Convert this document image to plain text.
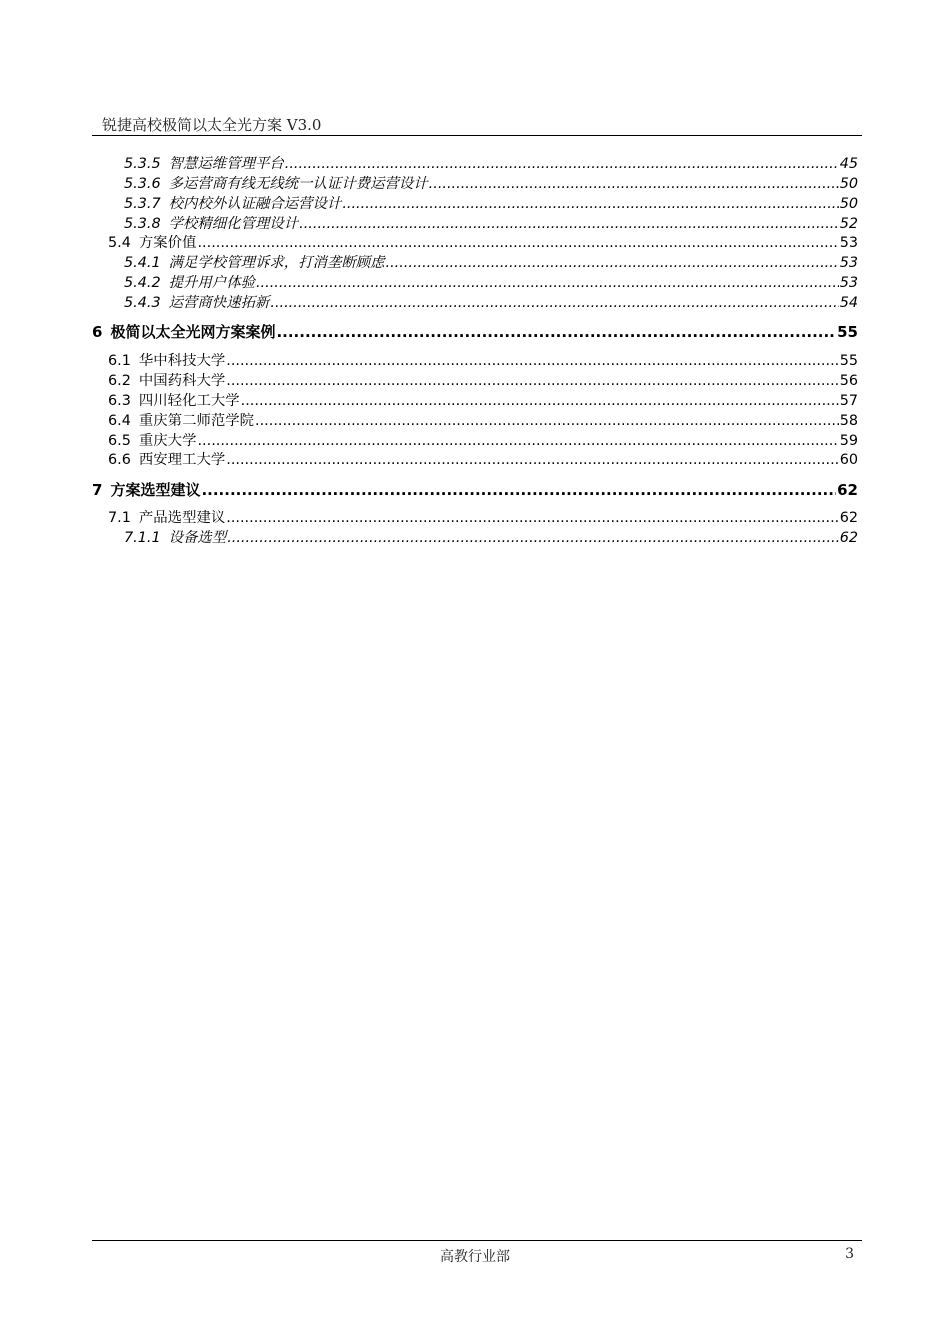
锐捷高校极简以太全光方案 V3.0
5.3.5 智慧运维管理平台 .....	45
5.3.6 多运营商有线无线统一认证计费运营设计 .....	50
5.3.7 校内校外认证融合运营设计 .....	50
5.3.8 学校精细化管理设计 .....	52
5.4 方案价值 .....	53
5.4.1 满足学校管理诉求，打消垄断顾虑 .....	53
5.4.2 提升用户体验 .....	53
5.4.3 运营商快速拓新 .....	54
6 极简以太全光网方案案例 .....	55
6.1 华中科技大学 .....	55
6.2 中国药科大学 .....	56
6.3 四川轻化工大学 .....	57
6.4 重庆第二师范学院 .....	58
6.5 重庆大学 .....	59
6.6 西安理工大学 .....	60
7 方案选型建议 .....	62
7.1 产品选型建议 .....	62
7.1.1 设备选型 .....	62
高教行业部	3
